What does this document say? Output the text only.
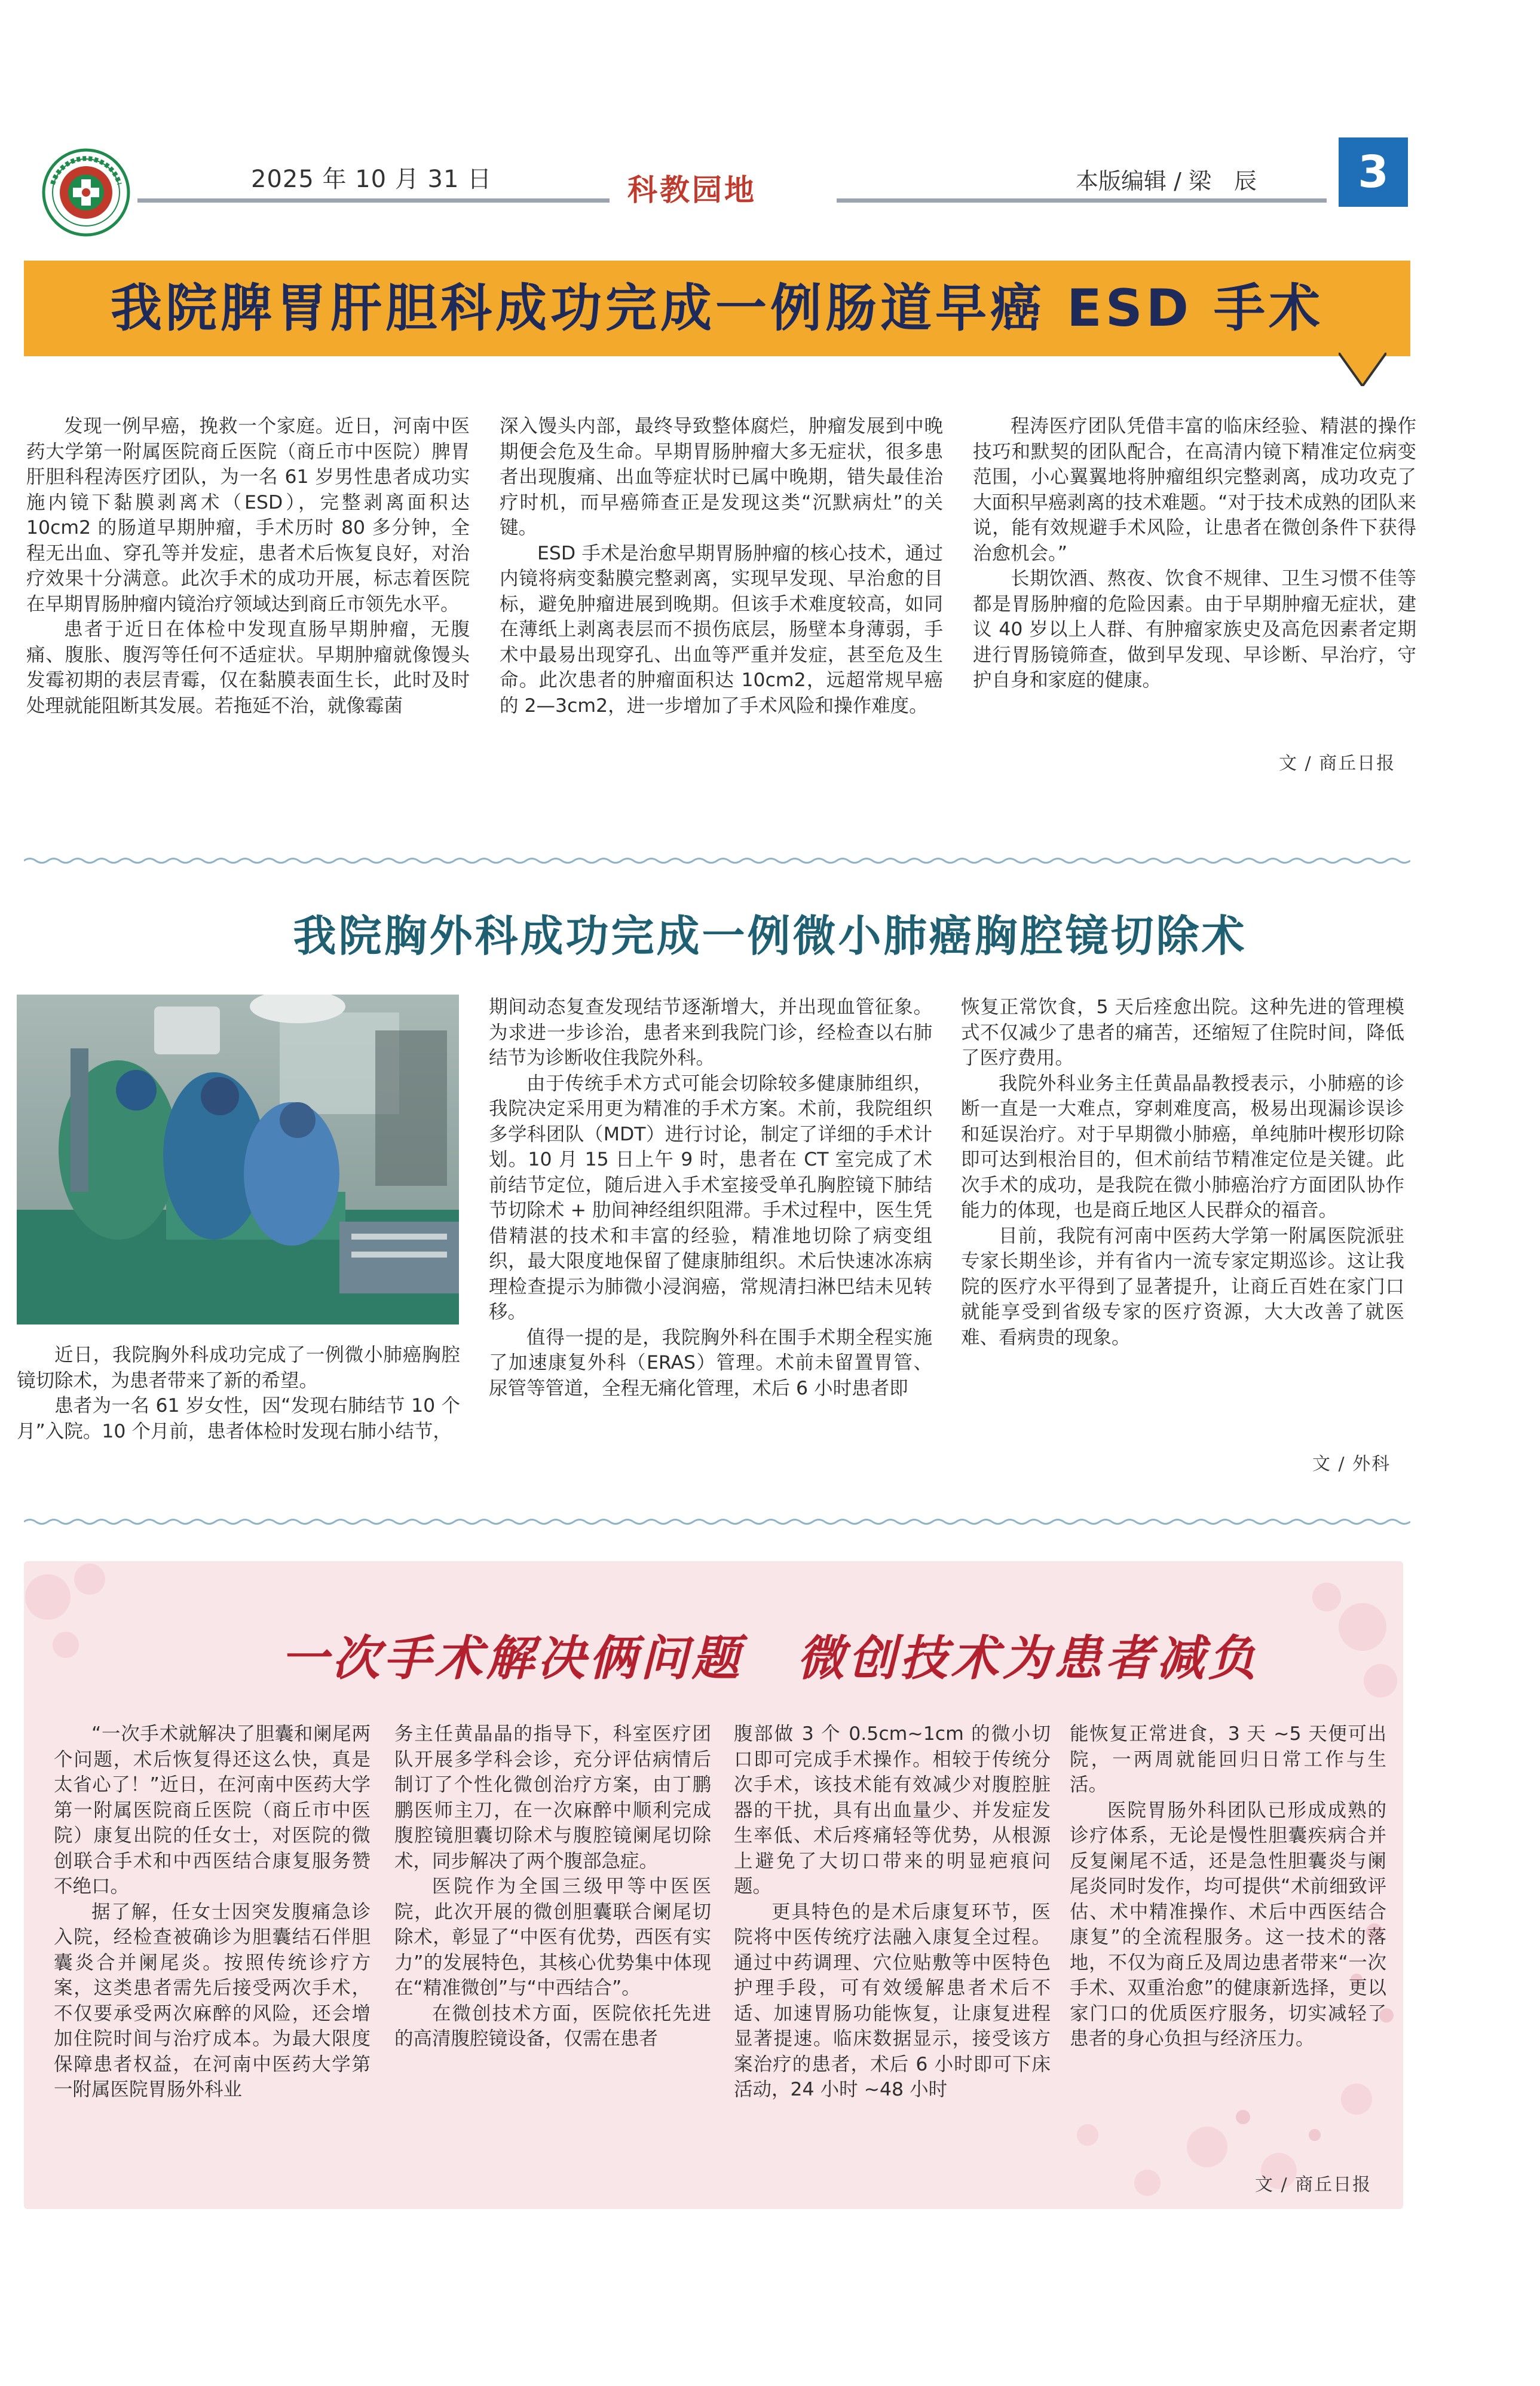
2025 年 10 月 31 日	科教园地	本版编辑 / 梁　辰	3
我院脾胃肝胆科成功完成一例肠道早癌 ESD 手术

发现一例早癌，挽救一个家庭。近日，河南中医药大学第一附属医院商丘医院（商丘市中医院）脾胃肝胆科程涛医疗团队，为一名 61 岁男性患者成功实施内镜下黏膜剥离术（ESD），完整剥离面积达 10cm2 的肠道早期肿瘤，手术历时 80 多分钟，全程无出血、穿孔等并发症，患者术后恢复良好，对治疗效果十分满意。此次手术的成功开展，标志着医院在早期胃肠肿瘤内镜治疗领域达到商丘市领先水平。

患者于近日在体检中发现直肠早期肿瘤，无腹痛、腹胀、腹泻等任何不适症状。早期肿瘤就像馒头发霉初期的表层青霉，仅在黏膜表面生长，此时及时处理就能阻断其发展。若拖延不治，就像霉菌

深入馒头内部，最终导致整体腐烂，肿瘤发展到中晚期便会危及生命。早期胃肠肿瘤大多无症状，很多患者出现腹痛、出血等症状时已属中晚期，错失最佳治疗时机，而早癌筛查正是发现这类“沉默病灶”的关键。

ESD 手术是治愈早期胃肠肿瘤的核心技术，通过内镜将病变黏膜完整剥离，实现早发现、早治愈的目标，避免肿瘤进展到晚期。但该手术难度较高，如同在薄纸上剥离表层而不损伤底层，肠壁本身薄弱，手术中最易出现穿孔、出血等严重并发症，甚至危及生命。此次患者的肿瘤面积达 10cm2，远超常规早癌的 2—3cm2，进一步增加了手术风险和操作难度。

程涛医疗团队凭借丰富的临床经验、精湛的操作技巧和默契的团队配合，在高清内镜下精准定位病变范围，小心翼翼地将肿瘤组织完整剥离，成功攻克了大面积早癌剥离的技术难题。“对于技术成熟的团队来说，能有效规避手术风险，让患者在微创条件下获得治愈机会。”

长期饮酒、熬夜、饮食不规律、卫生习惯不佳等都是胃肠肿瘤的危险因素。由于早期肿瘤无症状，建议 40 岁以上人群、有肿瘤家族史及高危因素者定期进行胃肠镜筛查，做到早发现、早诊断、早治疗，守护自身和家庭的健康。

文 / 商丘日报
我院胸外科成功完成一例微小肺癌胸腔镜切除术

近日，我院胸外科成功完成了一例微小肺癌胸腔镜切除术，为患者带来了新的希望。

患者为一名 61 岁女性，因“发现右肺结节 10 个月”入院。10 个月前，患者体检时发现右肺小结节，

期间动态复查发现结节逐渐增大，并出现血管征象。为求进一步诊治，患者来到我院门诊，经检查以右肺结节为诊断收住我院外科。

由于传统手术方式可能会切除较多健康肺组织，我院决定采用更为精准的手术方案。术前，我院组织多学科团队（MDT）进行讨论，制定了详细的手术计划。10 月 15 日上午 9 时，患者在 CT 室完成了术前结节定位，随后进入手术室接受单孔胸腔镜下肺结节切除术 + 肋间神经组织阻滞。手术过程中，医生凭借精湛的技术和丰富的经验，精准地切除了病变组织，最大限度地保留了健康肺组织。术后快速冰冻病理检查提示为肺微小浸润癌，常规清扫淋巴结未见转移。

值得一提的是，我院胸外科在围手术期全程实施了加速康复外科（ERAS）管理。术前未留置胃管、尿管等管道，全程无痛化管理，术后 6 小时患者即

恢复正常饮食，5 天后痊愈出院。这种先进的管理模式不仅减少了患者的痛苦，还缩短了住院时间，降低了医疗费用。

我院外科业务主任黄晶晶教授表示，小肺癌的诊断一直是一大难点，穿刺难度高，极易出现漏诊误诊和延误治疗。对于早期微小肺癌，单纯肺叶楔形切除即可达到根治目的，但术前结节精准定位是关键。此次手术的成功，是我院在微小肺癌治疗方面团队协作能力的体现，也是商丘地区人民群众的福音。

目前，我院有河南中医药大学第一附属医院派驻专家长期坐诊，并有省内一流专家定期巡诊。这让我院的医疗水平得到了显著提升，让商丘百姓在家门口就能享受到省级专家的医疗资源，大大改善了就医难、看病贵的现象。

文 / 外科
一次手术解决俩问题 微创技术为患者减负

“一次手术就解决了胆囊和阑尾两个问题，术后恢复得还这么快，真是太省心了！”近日，在河南中医药大学第一附属医院商丘医院（商丘市中医院）康复出院的任女士，对医院的微创联合手术和中西医结合康复服务赞不绝口。

据了解，任女士因突发腹痛急诊入院，经检查被确诊为胆囊结石伴胆囊炎合并阑尾炎。按照传统诊疗方案，这类患者需先后接受两次手术，不仅要承受两次麻醉的风险，还会增加住院时间与治疗成本。为最大限度保障患者权益，在河南中医药大学第一附属医院胃肠外科业

务主任黄晶晶的指导下，科室医疗团队开展多学科会诊，充分评估病情后制订了个性化微创治疗方案，由丁鹏鹏医师主刀，在一次麻醉中顺利完成腹腔镜胆囊切除术与腹腔镜阑尾切除术，同步解决了两个腹部急症。

医院作为全国三级甲等中医医院，此次开展的微创胆囊联合阑尾切除术，彰显了“中医有优势，西医有实力”的发展特色，其核心优势集中体现在“精准微创”与“中西结合”。

在微创技术方面，医院依托先进的高清腹腔镜设备，仅需在患者

腹部做 3 个 0.5cm~1cm 的微小切口即可完成手术操作。相较于传统分次手术，该技术能有效减少对腹腔脏器的干扰，具有出血量少、并发症发生率低、术后疼痛轻等优势，从根源上避免了大切口带来的明显疤痕问题。

更具特色的是术后康复环节，医院将中医传统疗法融入康复全过程。通过中药调理、穴位贴敷等中医特色护理手段，可有效缓解患者术后不适、加速胃肠功能恢复，让康复进程显著提速。临床数据显示，接受该方案治疗的患者，术后 6 小时即可下床活动，24 小时 ~48 小时

能恢复正常进食，3 天 ~5 天便可出院，一两周就能回归日常工作与生活。

医院胃肠外科团队已形成成熟的诊疗体系，无论是慢性胆囊疾病合并反复阑尾不适，还是急性胆囊炎与阑尾炎同时发作，均可提供“术前细致评估、术中精准操作、术后中西医结合康复”的全流程服务。这一技术的落地，不仅为商丘及周边患者带来“一次手术、双重治愈”的健康新选择，更以家门口的优质医疗服务，切实减轻了患者的身心负担与经济压力。

文 / 商丘日报
